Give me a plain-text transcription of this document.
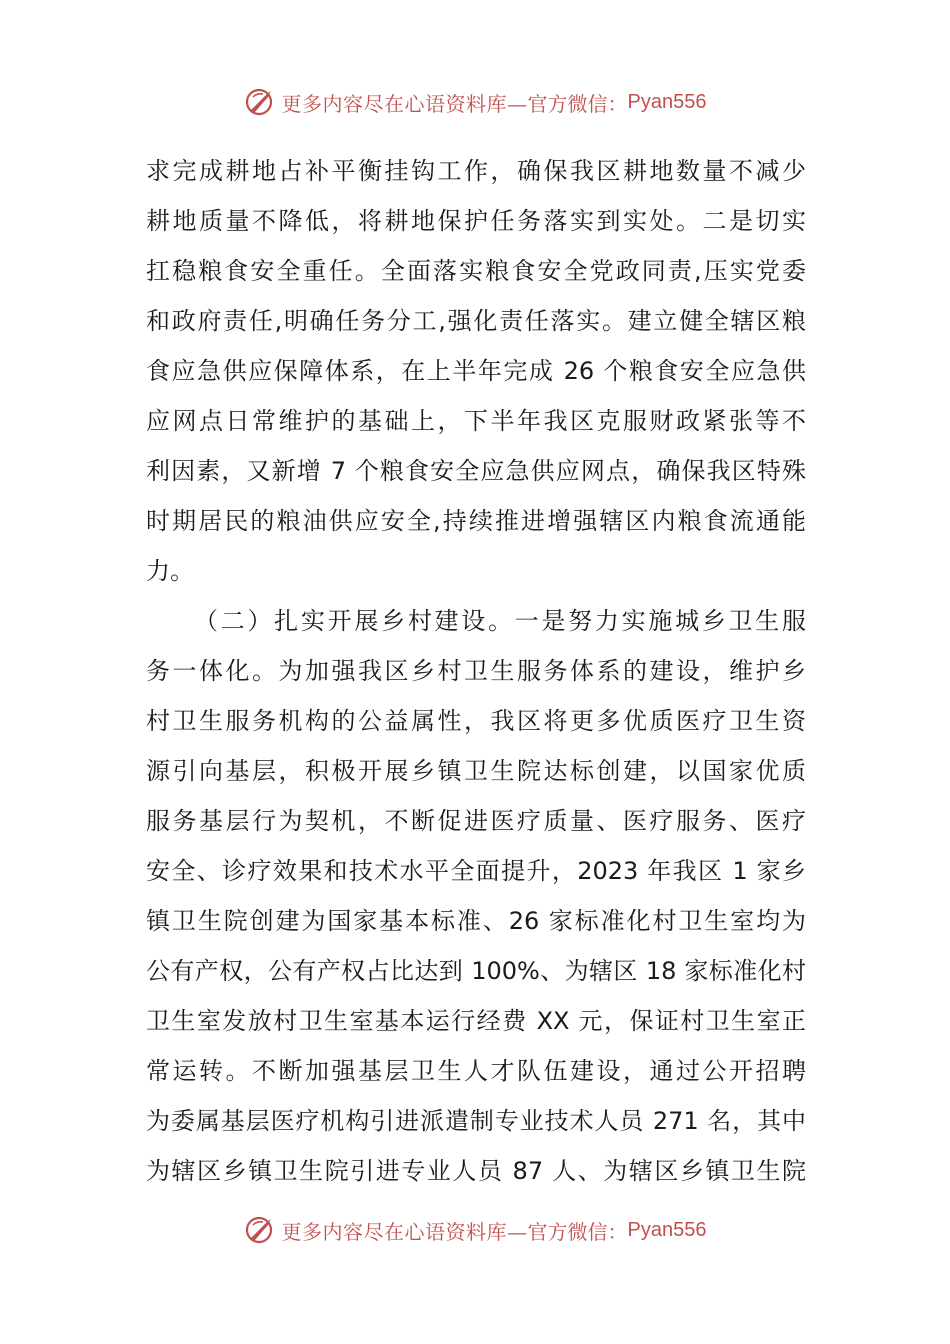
更多内容尽在心语资料库— 官方微信： Pyan556
求完成耕地占补平衡挂钩工作，确保我区耕地数量不减少
耕地质量不降低，将耕地保护任务落实到实处。二是切实
扛稳粮食安全重任。全面落实粮食安全党政同责,压实党委
和政府责任,明确任务分工,强化责任落实。建立健全辖区粮
食应急供应保障体系，在上半年完成 26 个粮食安全应急供
应网点日常维护的基础上，下半年我区克服财政紧张等不
利因素，又新增 7 个粮食安全应急供应网点，确保我区特殊
时期居民的粮油供应安全,持续推进增强辖区内粮食流通能
力。
（二）扎实开展乡村建设。一是努力实施城乡卫生服
务一体化。为加强我区乡村卫生服务体系的建设，维护乡
村卫生服务机构的公益属性，我区将更多优质医疗卫生资
源引向基层，积极开展乡镇卫生院达标创建，以国家优质
服务基层行为契机，不断促进医疗质量、医疗服务、医疗
安全、诊疗效果和技术水平全面提升，2023 年我区 1 家乡
镇卫生院创建为国家基本标准、26 家标准化村卫生室均为
公有产权，公有产权占比达到 100%、为辖区 18 家标准化村
卫生室发放村卫生室基本运行经费 XX 元，保证村卫生室正
常运转。不断加强基层卫生人才队伍建设，通过公开招聘
为委属基层医疗机构引进派遣制专业技术人员 271 名，其中
为辖区乡镇卫生院引进专业人员 87 人、为辖区乡镇卫生院
更多内容尽在心语资料库— 官方微信： Pyan556
